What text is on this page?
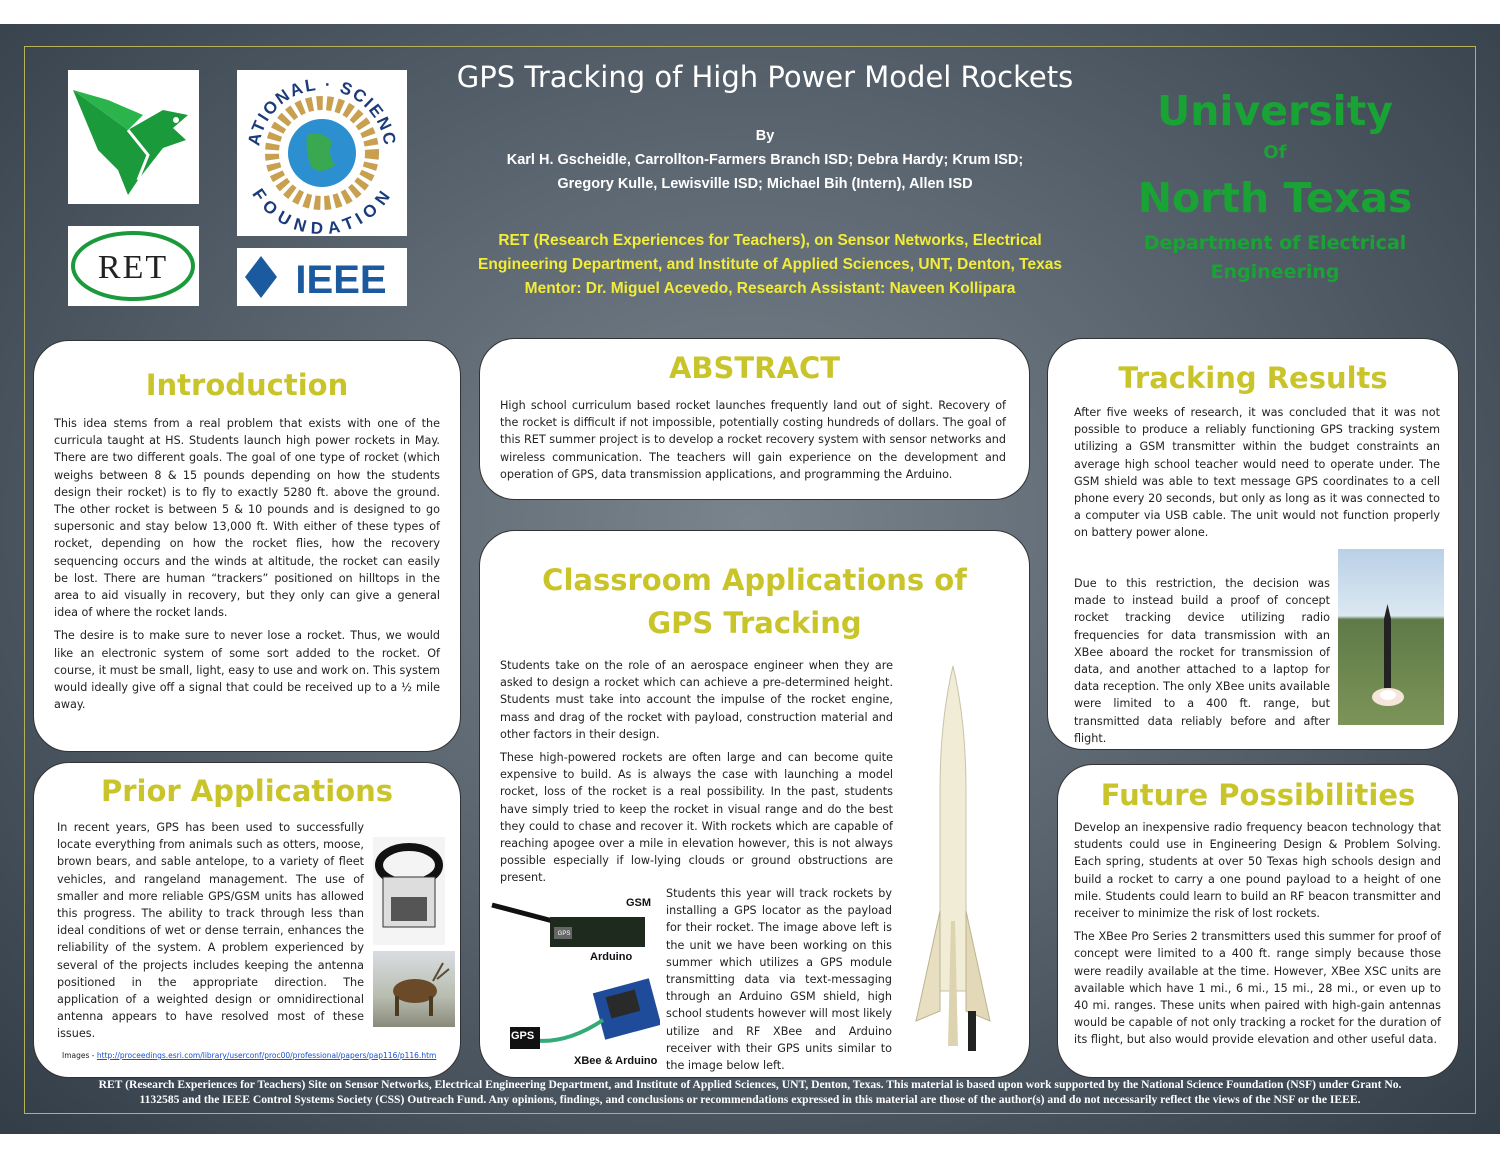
ATIONAL · SCIENC
FOUNDATION
RET	IEEE
GPS Tracking of High Power Model Rockets
By
Karl H. Gscheidle, Carrollton-Farmers Branch ISD; Debra Hardy; Krum ISD;
Gregory Kulle, Lewisville ISD; Michael Bih (Intern), Allen ISD
RET (Research Experiences for Teachers), on Sensor Networks, Electrical
Engineering Department, and Institute of Applied Sciences, UNT, Denton, Texas
Mentor: Dr. Miguel Acevedo, Research Assistant: Naveen Kollipara
University
Of
North Texas
Department of Electrical
Engineering
Introduction

This idea stems from a real problem that exists with one of the curricula taught at HS. Students launch high power rockets in May. There are two different goals. The goal of one type of rocket (which weighs between 8 & 15 pounds depending on how the students design their rocket) is to fly to exactly 5280 ft. above the ground. The other rocket is between 5 & 10 pounds and is designed to go supersonic and stay below 13,000 ft. With either of these types of rocket, depending on how the rocket flies, how the recovery sequencing occurs and the winds at altitude, the rocket can easily be lost. There are human “trackers” positioned on hilltops in the area to aid visually in recovery, but they only can give a general idea of where the rocket lands.

The desire is to make sure to never lose a rocket. Thus, we would like an electronic system of some sort added to the rocket. Of course, it must be small, light, easy to use and work on. This system would ideally give off a signal that could be received up to a ½ mile away.

ABSTRACT

High school curriculum based rocket launches frequently land out of sight. Recovery of the rocket is difficult if not impossible, potentially costing hundreds of dollars. The goal of this RET summer project is to develop a rocket recovery system with sensor networks and wireless communication. The teachers will gain experience on the development and operation of GPS, data transmission applications, and programming the Arduino.

Tracking Results

After five weeks of research, it was concluded that it was not possible to produce a reliably functioning GPS tracking system utilizing a GSM transmitter within the budget constraints an average high school teacher would need to operate under. The GSM shield was able to text message GPS coordinates to a cell phone every 20 seconds, but only as long as it was connected to a computer via USB cable. The unit would not function properly on battery power alone.

Due to this restriction, the decision was made to instead build a proof of concept rocket tracking device utilizing radio frequencies for data transmission with an XBee aboard the rocket for transmission of data, and another attached to a laptop for data reception. The only XBee units available were limited to a 400 ft. range, but transmitted data reliably before and after flight.

Classroom Applications of
GPS Tracking

Students take on the role of an aerospace engineer when they are asked to design a rocket which can achieve a pre-determined height. Students must take into account the impulse of the rocket engine, mass and drag of the rocket with payload, construction material and other factors in their design.

These high-powered rockets are often large and can become quite expensive to build. As is always the case with launching a model rocket, loss of the rocket is a real possibility. In the past, students have simply tried to keep the rocket in visual range and do the best they could to chase and recover it. With rockets which are capable of reaching apogee over a mile in elevation however, this is not always possible especially if low-lying clouds or ground obstructions are present.

Students this year will track rockets by installing a GPS locator as the payload for their rocket. The image above left is the unit we have been working on this summer which utilizes a GPS module transmitting data via text-messaging through an Arduino GSM shield, high school students however will most likely utilize and RF XBee and Arduino receiver with their GPS units similar to the image below left.

GPS
GSM
Arduino
GPS
XBee & Arduino
Prior Applications

In recent years, GPS has been used to successfully locate everything from animals such as otters, moose, brown bears, and sable antelope, to a variety of fleet vehicles, and rangeland management. The use of smaller and more reliable GPS/GSM units has allowed this progress. The ability to track through less than ideal conditions of wet or dense terrain, enhances the reliability of the system. A problem experienced by several of the projects includes keeping the antenna positioned in the appropriate direction. The application of a weighted design or omnidirectional antenna appears to have resolved most of these issues.

Images - http://proceedings.esri.com/library/userconf/proc00/professional/papers/pap116/p116.htm
Future Possibilities

Develop an inexpensive radio frequency beacon technology that students could use in Engineering Design & Problem Solving. Each spring, students at over 50 Texas high schools design and build a rocket to carry a one pound payload to a height of one mile. Students could learn to build an RF beacon transmitter and receiver to minimize the risk of lost rockets.

The XBee Pro Series 2 transmitters used this summer for proof of concept were limited to a 400 ft. range simply because those were readily available at the time. However, XBee XSC units are available which have 1 mi., 6 mi., 15 mi., 28 mi., or even up to 40 mi. ranges. These units when paired with high-gain antennas would be capable of not only tracking a rocket for the duration of its flight, but also would provide elevation and other useful data.

RET (Research Experiences for Teachers) Site on Sensor Networks, Electrical Engineering Department, and Institute of Applied Sciences, UNT, Denton, Texas. This material is based upon work supported by the National Science Foundation (NSF) under Grant No.
1132585 and the IEEE Control Systems Society (CSS) Outreach Fund. Any opinions, findings, and conclusions or recommendations expressed in this material are those of the author(s) and do not necessarily reflect the views of the NSF or the IEEE.
